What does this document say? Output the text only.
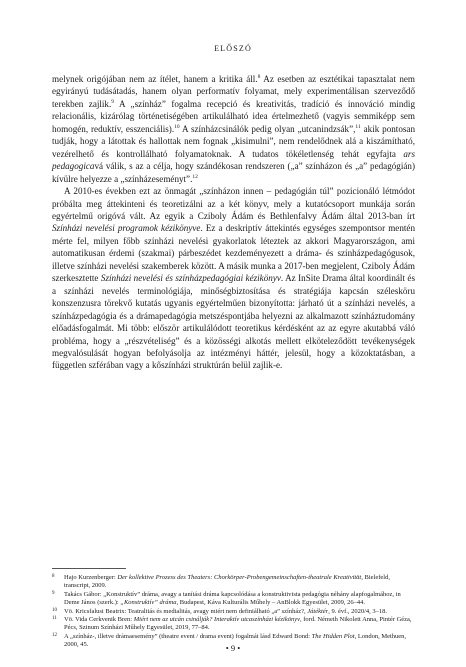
ELŐSZÓ

melynek origójában nem az ítélet, hanem a kritika áll.$^8$ Az esetben az esztétikai tapasztalat nem egyirányú tudásátadás, hanem olyan performatív folyamat, mely experimentálisan szerveződő terekben zajlik.$^9$ A „színház” fogalma recepció és kreativitás, tradíció és innováció mindig relacionális, kizárólag történetiségében artikulálható idea értelmezhető (vagyis semmiképp sem homogén, reduktív, esszenciális).$^{10}$ A színházcsinálók pedig olyan „utcanindzsák”,$^{11}$ akik pontosan tudják, hogy a látottak és hallottak nem fognak „kisimulni”, nem rendelődnek alá a kiszámítható, vezérelhető és kontrollálható folyamatoknak. A tudatos tökéletlenség tehát egyfajta ars pedagogicavá válik, s az a célja, hogy szándékosan rendszeren („a” színházon és „a” pedagógián) kívülre helyezze a „színházeseményt”.$^{12}$

A 2010-es években ezt az önmagát „színházon innen – pedagógián túl” pozicionáló létmódot próbálta meg áttekinteni és teoretizálni az a két könyv, mely a kutatócsoport munkája során egyértelmű origóvá vált. Az egyik a Cziboly Ádám és Bethlenfalvy Ádám által 2013-ban írt Színházi nevelési programok kézikönyve. Ez a deskriptív áttekintés egységes szempontsor mentén mérte fel, milyen főbb színházi nevelési gyakorlatok léteztek az akkori Magyarországon, ami automatikusan érdemi (szakmai) párbeszédet kezdeményezett a dráma- és színházpedagógusok, illetve színházi nevelési szakemberek között. A másik munka a 2017-ben megjelent, Cziboly Ádám szerkesztette Színházi nevelési és színházpedagógiai kézikönyv. Az InSite Drama által koordinált és a színházi nevelés terminológiája, minőségbiztosítása és stratégiája kapcsán szélesköru konszenzusra törekvő kutatás ugyanis egyértelműen bizonyította: járható út a színházi nevelés, a színházpedagógia és a drámapedagógia metszéspontjába helyezni az alkalmazott színháztudomány előadásfogalmát. Mi több: először artikulálódott teoretikus kérdésként az az egyre akutabbá váló probléma, hogy a „részvételiség” és a közösségi alkotás mellett elköteleződött tevékenységek megvalósulását hogyan befolyásolja az intézményi háttér, jelesül, hogy a közoktatásban, a független szférában vagy a kőszínházi struktúrán belül zajlik-e.

8 Hajo Kurzenberger: Der kollektive Prozess des Theaters: Chorkörper-Probengemeinschaften-theatrale Kreativität, Bielefeld, transcript, 2009.
9 Takács Gábor: „Konstruktív” dráma, avagy a tanítási dráma kapcsolódása a konstruktivista pedagógia néhány alapfogalmához, in Deme János (szerk.): „Konstruktív” dráma, Budapest, Káva Kulturális Műhely – AnBlokk Egyesület, 2009, 26–44.
10 Vö. Kricsfalusi Beatrix: Teatralitás és medialitás, avagy miért nem definiálható „a” színház?, Játéktér, 9. évf., 2020/4, 3–18.
11 Vö. Vida Cerkvenik Bren: Miért nem az utcán csinálják? Interaktív utcaszínházi kézikönyv, ford. Németh Nikolett Anna, Pintér Géza, Pécs, Szinum Színházi Műhely Egyesület, 2019, 77–84.
12 A „színház-, illetve drámaesemény” (theatre event / drama event) fogalmát lásd Edward Bond: The Hidden Plot, London, Methuen, 2000, 45.	• 9 •
